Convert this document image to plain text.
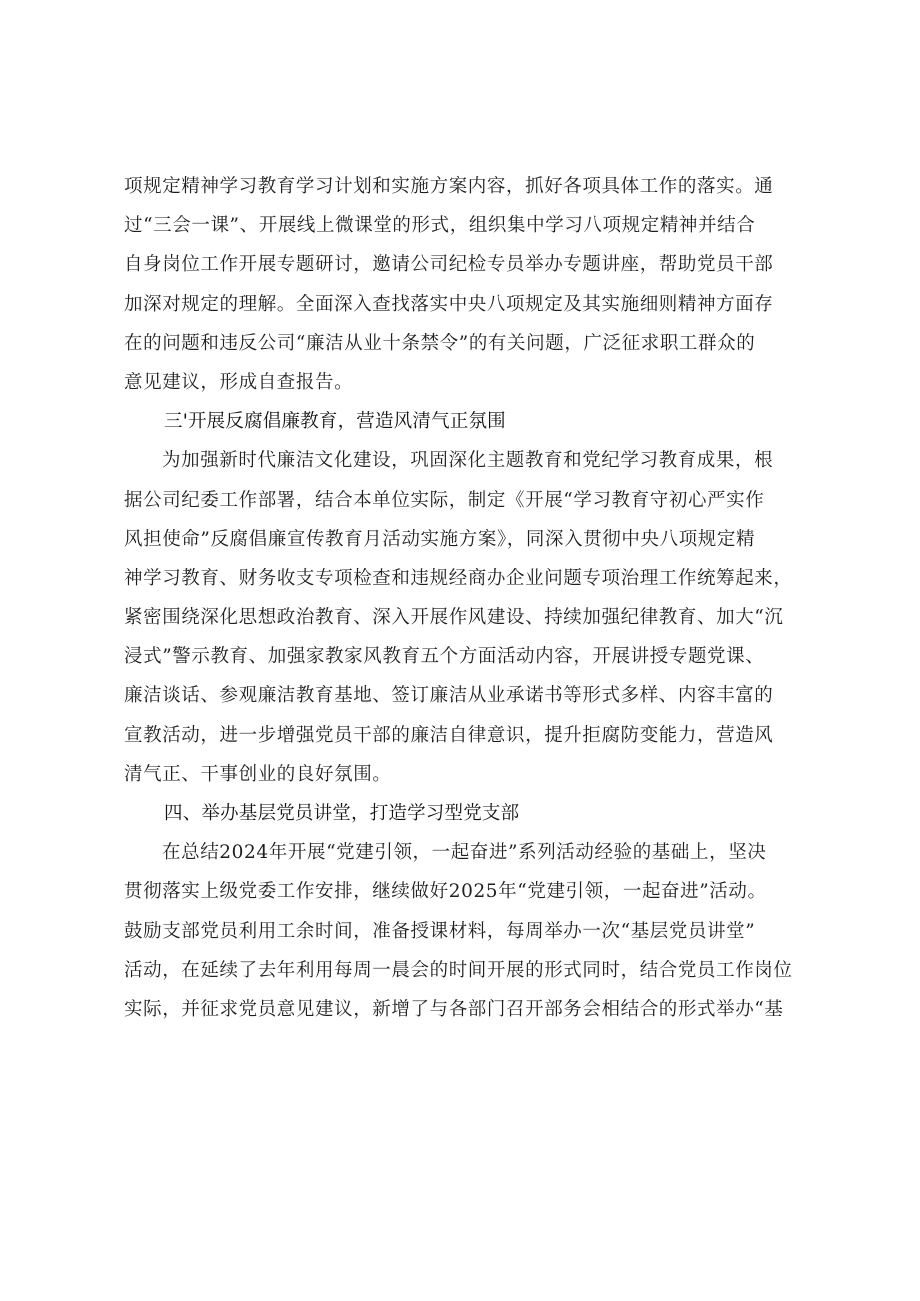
项规定精神学习教育学习计划和实施方案内容，抓好各项具体工作的落实。通
过“三会一课”、开展线上微课堂的形式，组织集中学习八项规定精神并结合
自身岗位工作开展专题研讨，邀请公司纪检专员举办专题讲座，帮助党员干部
加深对规定的理解。全面深入查找落实中央八项规定及其实施细则精神方面存
在的问题和违反公司“廉洁从业十条禁令”的有关问题，广泛征求职工群众的
意见建议，形成自查报告。
三'开展反腐倡廉教育，营造风清气正氛围
为加强新时代廉洁文化建设，巩固深化主题教育和党纪学习教育成果，根
据公司纪委工作部署，结合本单位实际，制定《开展“学习教育守初心严实作
风担使命”反腐倡廉宣传教育月活动实施方案》，同深入贯彻中央八项规定精
神学习教育、财务收支专项检查和违规经商办企业问题专项治理工作统筹起来，
紧密围绕深化思想政治教育、深入开展作风建设、持续加强纪律教育、加大“沉
浸式”警示教育、加强家教家风教育五个方面活动内容，开展讲授专题党课、
廉洁谈话、参观廉洁教育基地、签订廉洁从业承诺书等形式多样、内容丰富的
宣教活动，进一步增强党员干部的廉洁自律意识，提升拒腐防变能力，营造风
清气正、干事创业的良好氛围。
四、举办基层党员讲堂，打造学习型党支部
在总结2024年开展“党建引领，一起奋进”系列活动经验的基础上，坚决
贯彻落实上级党委工作安排，继续做好2025年“党建引领，一起奋进”活动。
鼓励支部党员利用工余时间，准备授课材料，每周举办一次“基层党员讲堂”
活动，在延续了去年利用每周一晨会的时间开展的形式同时，结合党员工作岗位
实际，并征求党员意见建议，新增了与各部门召开部务会相结合的形式举办“基
